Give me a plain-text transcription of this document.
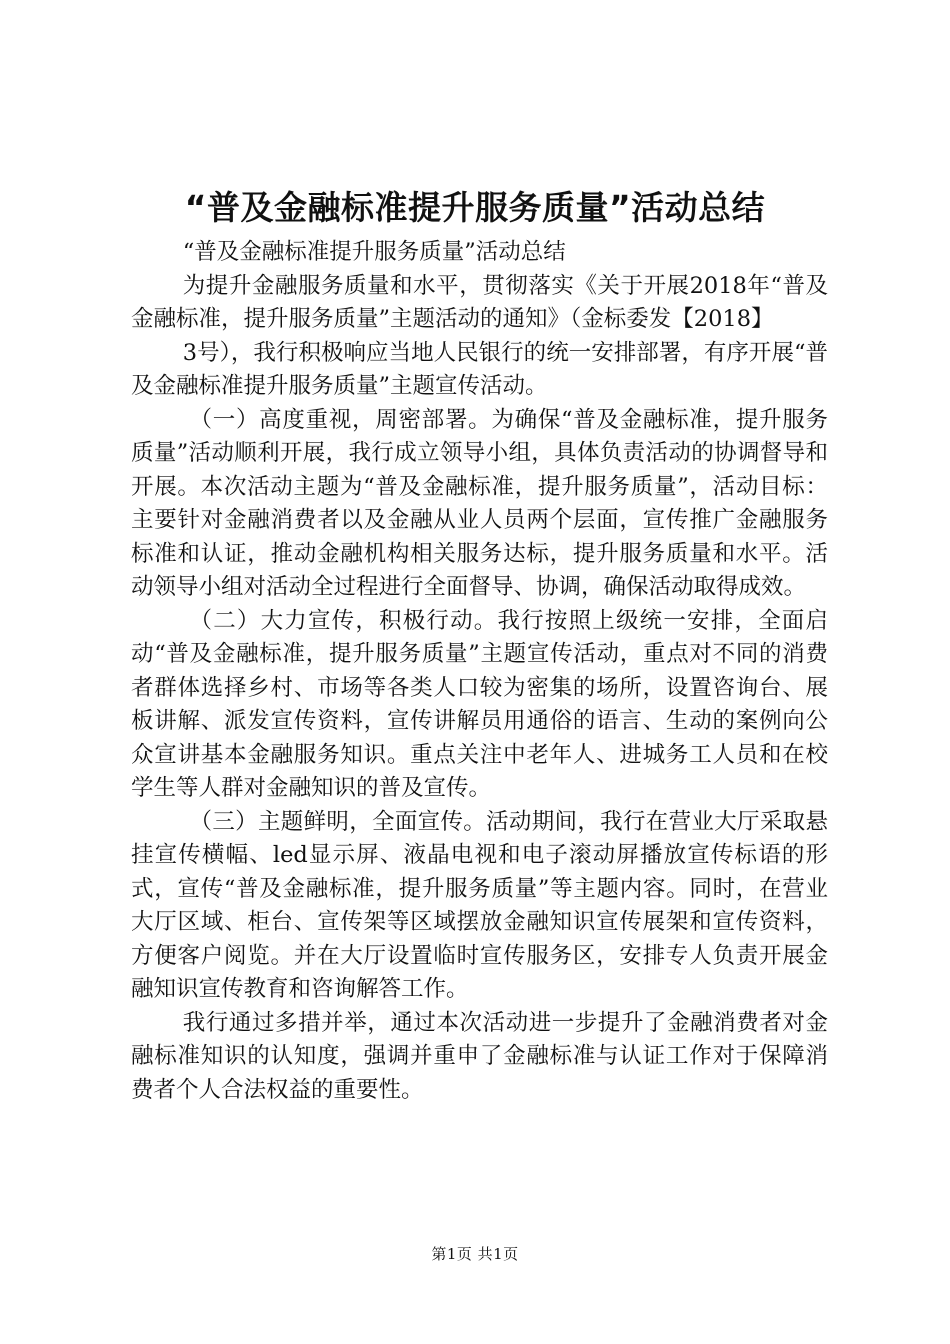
“普及金融标准提升服务质量”活动总结

“普及金融标准提升服务质量”活动总结

为提升金融服务质量和水平，贯彻落实《关于开展2018年“普及金融标准，提升服务质量”主题活动的通知》（金标委发【2018】

3号），我行积极响应当地人民银行的统一安排部署，有序开展“普及金融标准提升服务质量”主题宣传活动。

（一）高度重视，周密部署。为确保“普及金融标准，提升服务质量”活动顺利开展，我行成立领导小组，具体负责活动的协调督导和开展。本次活动主题为“普及金融标准，提升服务质量”，活动目标：主要针对金融消费者以及金融从业人员两个层面，宣传推广金融服务标准和认证，推动金融机构相关服务达标，提升服务质量和水平。活动领导小组对活动全过程进行全面督导、协调，确保活动取得成效。

（二）大力宣传，积极行动。我行按照上级统一安排，全面启动“普及金融标准，提升服务质量”主题宣传活动，重点对不同的消费者群体选择乡村、市场等各类人口较为密集的场所，设置咨询台、展板讲解、派发宣传资料，宣传讲解员用通俗的语言、生动的案例向公众宣讲基本金融服务知识。重点关注中老年人、进城务工人员和在校学生等人群对金融知识的普及宣传。

（三）主题鲜明，全面宣传。活动期间，我行在营业大厅采取悬挂宣传横幅、led显示屏、液晶电视和电子滚动屏播放宣传标语的形式，宣传“普及金融标准，提升服务质量”等主题内容。同时，在营业大厅区域、柜台、宣传架等区域摆放金融知识宣传展架和宣传资料，方便客户阅览。并在大厅设置临时宣传服务区，安排专人负责开展金融知识宣传教育和咨询解答工作。

我行通过多措并举，通过本次活动进一步提升了金融消费者对金融标准知识的认知度，强调并重申了金融标准与认证工作对于保障消费者个人合法权益的重要性。

第1页 共1页
